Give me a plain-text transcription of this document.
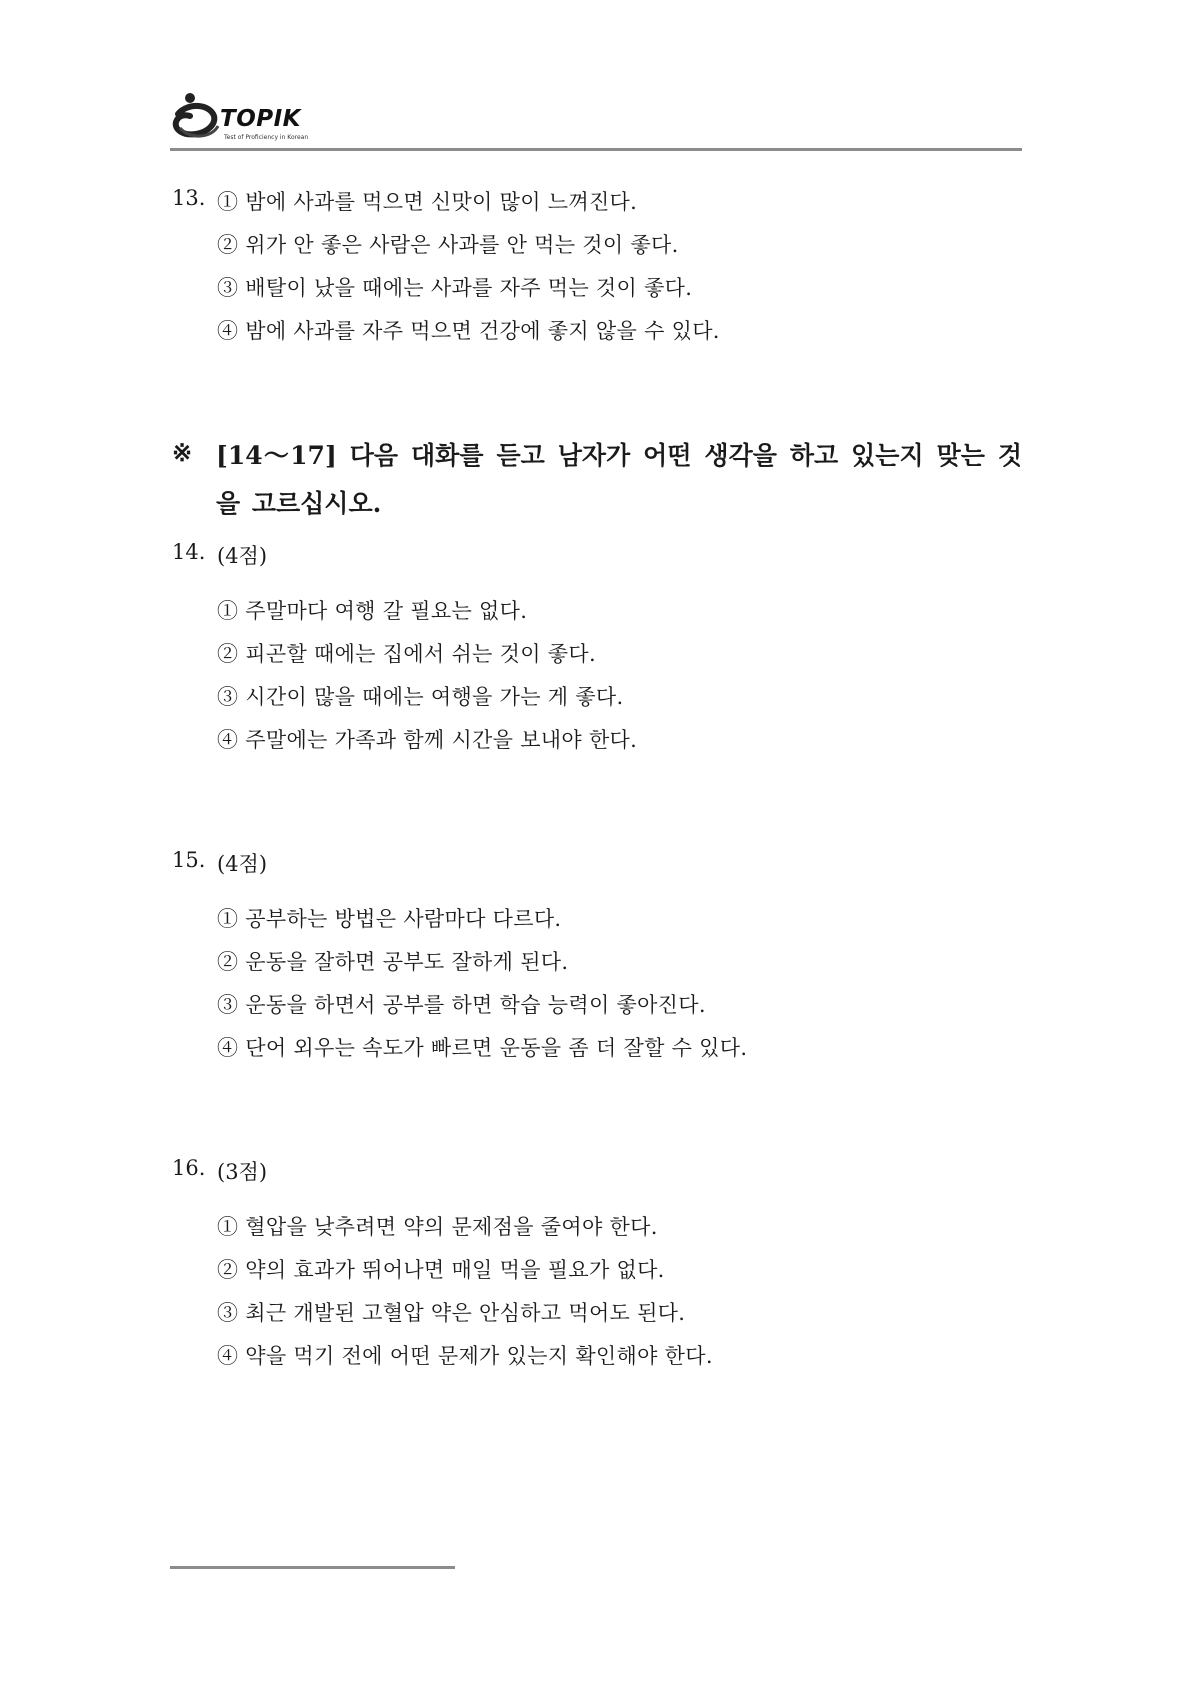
TOPIK
Test of Proficiency in Korean
13. ① 밤에 사과를 먹으면 신맛이 많이 느껴진다.
② 위가 안 좋은 사람은 사과를 안 먹는 것이 좋다.
③ 배탈이 났을 때에는 사과를 자주 먹는 것이 좋다.
④ 밤에 사과를 자주 먹으면 건강에 좋지 않을 수 있다.
※ [14～17] 다음 대화를 듣고 남자가 어떤 생각을 하고 있는지 맞는 것을 고르십시오.
14. (4점)
① 주말마다 여행 갈 필요는 없다.
② 피곤할 때에는 집에서 쉬는 것이 좋다.
③ 시간이 많을 때에는 여행을 가는 게 좋다.
④ 주말에는 가족과 함께 시간을 보내야 한다.
15. (4점)
① 공부하는 방법은 사람마다 다르다.
② 운동을 잘하면 공부도 잘하게 된다.
③ 운동을 하면서 공부를 하면 학습 능력이 좋아진다.
④ 단어 외우는 속도가 빠르면 운동을 좀 더 잘할 수 있다.
16. (3점)
① 혈압을 낮추려면 약의 문제점을 줄여야 한다.
② 약의 효과가 뛰어나면 매일 먹을 필요가 없다.
③ 최근 개발된 고혈압 약은 안심하고 먹어도 된다.
④ 약을 먹기 전에 어떤 문제가 있는지 확인해야 한다.
